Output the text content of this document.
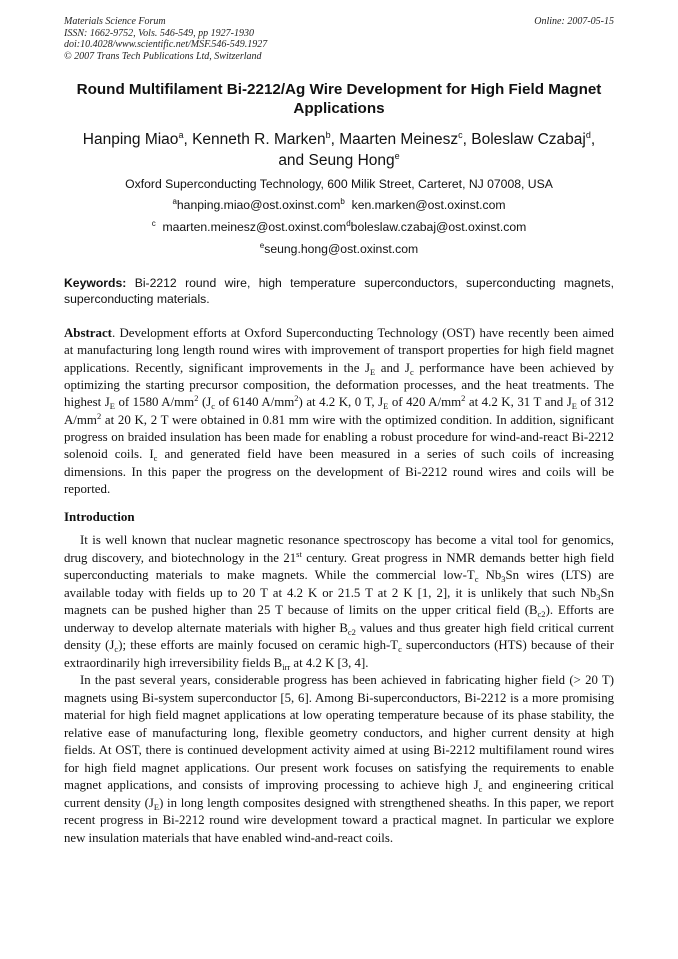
Materials Science Forum
ISSN: 1662-9752, Vols. 546-549, pp 1927-1930
doi:10.4028/www.scientific.net/MSF.546-549.1927
© 2007 Trans Tech Publications Ltd, Switzerland
Online: 2007-05-15
Round Multifilament Bi-2212/Ag Wire Development for High Field Magnet Applications
Hanping Miao$^a$, Kenneth R. Marken$^b$, Maarten Meinesz$^c$, Boleslaw Czabaj$^d$,
and Seung Hong$^e$
Oxford Superconducting Technology, 600 Milik Street, Carteret, NJ 07008, USA
$^a$hanping.miao@ost.oxinst.com$^b$ ken.marken@ost.oxinst.com
$^c$ maarten.meinesz@ost.oxinst.com$^d$boleslaw.czabaj@ost.oxinst.com
$^e$seung.hong@ost.oxinst.com
Keywords: Bi-2212 round wire, high temperature superconductors, superconducting magnets, superconducting materials.
Abstract. Development efforts at Oxford Superconducting Technology (OST) have recently been aimed at manufacturing long length round wires with improvement of transport properties for high field magnet applications. Recently, significant improvements in the $J_E$ and $J_c$ performance have been achieved by optimizing the starting precursor composition, the deformation processes, and the heat treatments. The highest $J_E$ of 1580 $A/mm^2$ ($J_c$ of 6140 $A/mm^2$) at 4.2 K, 0 T, $J_E$ of 420 $A/mm^2$ at 4.2 K, 31 T and $J_E$ of 312 $A/mm^2$ at 20 K, 2 T were obtained in 0.81 mm wire with the optimized condition. In addition, significant progress on braided insulation has been made for enabling a robust procedure for wind-and-react Bi-2212 solenoid coils. $I_c$ and generated field have been measured in a series of such coils of increasing dimensions. In this paper the progress on the development of Bi-2212 round wires and coils will be reported.
Introduction

It is well known that nuclear magnetic resonance spectroscopy has become a vital tool for genomics, drug discovery, and biotechnology in the 21st century. Great progress in NMR demands better high field superconducting materials to make magnets. While the commercial low-$T_c$ $Nb_3Sn$ wires (LTS) are available today with fields up to 20 T at 4.2 K or 21.5 T at 2 K [1, 2], it is unlikely that such $Nb_3Sn$ magnets can be pushed higher than 25 T because of limits on the upper critical field $(B_{c2})$. Efforts are underway to develop alternate materials with higher $B_{c2}$ values and thus greater high field critical current density $(J_c)$; these efforts are mainly focused on ceramic high-$T_c$ superconductors (HTS) because of their extraordinarily high irreversibility fields $B_{irr}$ at 4.2 K [3, 4].

In the past several years, considerable progress has been achieved in fabricating higher field (> 20 T) magnets using Bi-system superconductor [5, 6]. Among Bi-superconductors, Bi-2212 is a more promising material for high field magnet applications at low operating temperature because of its phase stability, the relative ease of manufacturing long, flexible geometry conductors, and higher current density at high fields. At OST, there is continued development activity aimed at using Bi-2212 multifilament round wires for high field magnet applications. Our present work focuses on satisfying the requirements to enable magnet applications, and consists of improving processing to achieve high $J_c$ and engineering critical current density $(J_E)$ in long length composites designed with strengthened sheaths. In this paper, we report recent progress in Bi-2212 round wire development toward a practical magnet. In particular we explore new insulation materials that have enabled wind-and-react coils.
